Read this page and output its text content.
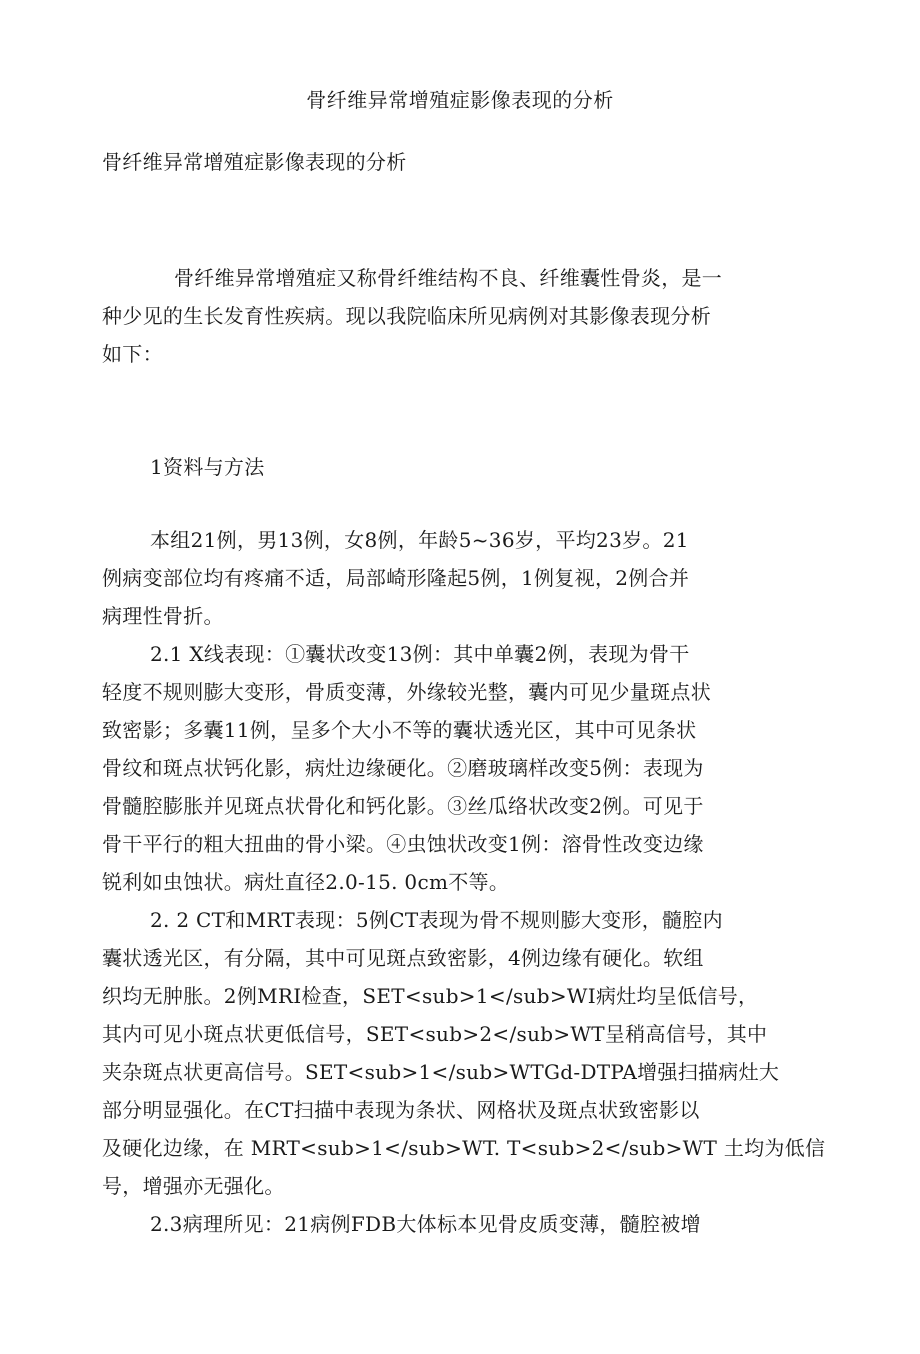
骨纤维异常增殖症影像表现的分析
骨纤维异常增殖症影像表现的分析
骨纤维异常增殖症又称骨纤维结构不良、纤维囊性骨炎，是一
种少见的生长发育性疾病。现以我院临床所见病例对其影像表现分析
如下：
1资料与方法
本组21例，男13例，女8例，年龄5~36岁，平均23岁。21
例病变部位均有疼痛不适，局部崎形隆起5例，1例复视，2例合并
病理性骨折。
2.1 X线表现：①囊状改变13例：其中单囊2例，表现为骨干
轻度不规则膨大变形，骨质变薄，外缘较光整，囊内可见少量斑点状
致密影；多囊11例，呈多个大小不等的囊状透光区，其中可见条状
骨纹和斑点状钙化影，病灶边缘硬化。②磨玻璃样改变5例：表现为
骨髓腔膨胀并见斑点状骨化和钙化影。③丝瓜络状改变2例。可见于
骨干平行的粗大扭曲的骨小梁。④虫蚀状改变1例：溶骨性改变边缘
锐利如虫蚀状。病灶直径2.0-15. 0cm不等。
2. 2 CT和MRT表现：5例CT表现为骨不规则膨大变形，髓腔内
囊状透光区，有分隔，其中可见斑点致密影，4例边缘有硬化。软组
织均无肿胀。2例MRI检查，SET<sub>1</sub>WI病灶均呈低信号，
其内可见小斑点状更低信号，SET<sub>2</sub>WT呈稍高信号，其中
夹杂斑点状更高信号。SET<sub>1</sub>WTGd-DTPA增强扫描病灶大
部分明显强化。在CT扫描中表现为条状、网格状及斑点状致密影以
及硬化边缘，在 MRT<sub>1</sub>WT. T<sub>2</sub>WT 土均为低信
号，增强亦无强化。
2.3病理所见：21病例FDB大体标本见骨皮质变薄，髓腔被增
